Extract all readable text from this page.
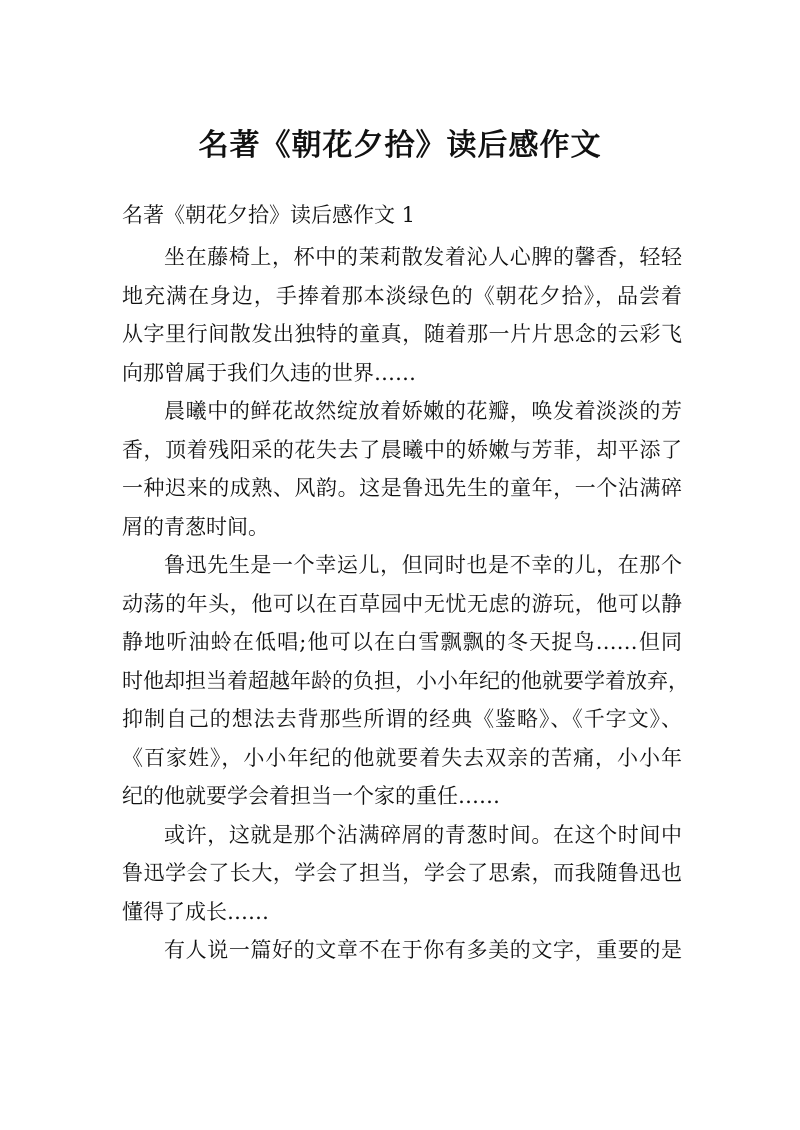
名著《朝花夕拾》读后感作文
名著《朝花夕拾》读后感作文 1
坐在藤椅上，杯中的茉莉散发着沁人心脾的馨香，轻轻
地充满在身边，手捧着那本淡绿色的《朝花夕拾》，品尝着
从字里行间散发出独特的童真，随着那一片片思念的云彩飞
向那曾属于我们久违的世界……
晨曦中的鲜花故然绽放着娇嫩的花瓣，唤发着淡淡的芳
香，顶着残阳采的花失去了晨曦中的娇嫩与芳菲，却平添了
一种迟来的成熟、风韵。这是鲁迅先生的童年，一个沾满碎
屑的青葱时间。
鲁迅先生是一个幸运儿，但同时也是不幸的儿，在那个
动荡的年头，他可以在百草园中无忧无虑的游玩，他可以静
静地听油蛉在低唱;他可以在白雪飘飘的冬天捉鸟……但同
时他却担当着超越年龄的负担，小小年纪的他就要学着放弃，
抑制自己的想法去背那些所谓的经典《鉴略》、《千字文》、
《百家姓》，小小年纪的他就要着失去双亲的苦痛，小小年
纪的他就要学会着担当一个家的重任……
或许，这就是那个沾满碎屑的青葱时间。在这个时间中
鲁迅学会了长大，学会了担当，学会了思索，而我随鲁迅也
懂得了成长……
有人说一篇好的文章不在于你有多美的文字，重要的是
